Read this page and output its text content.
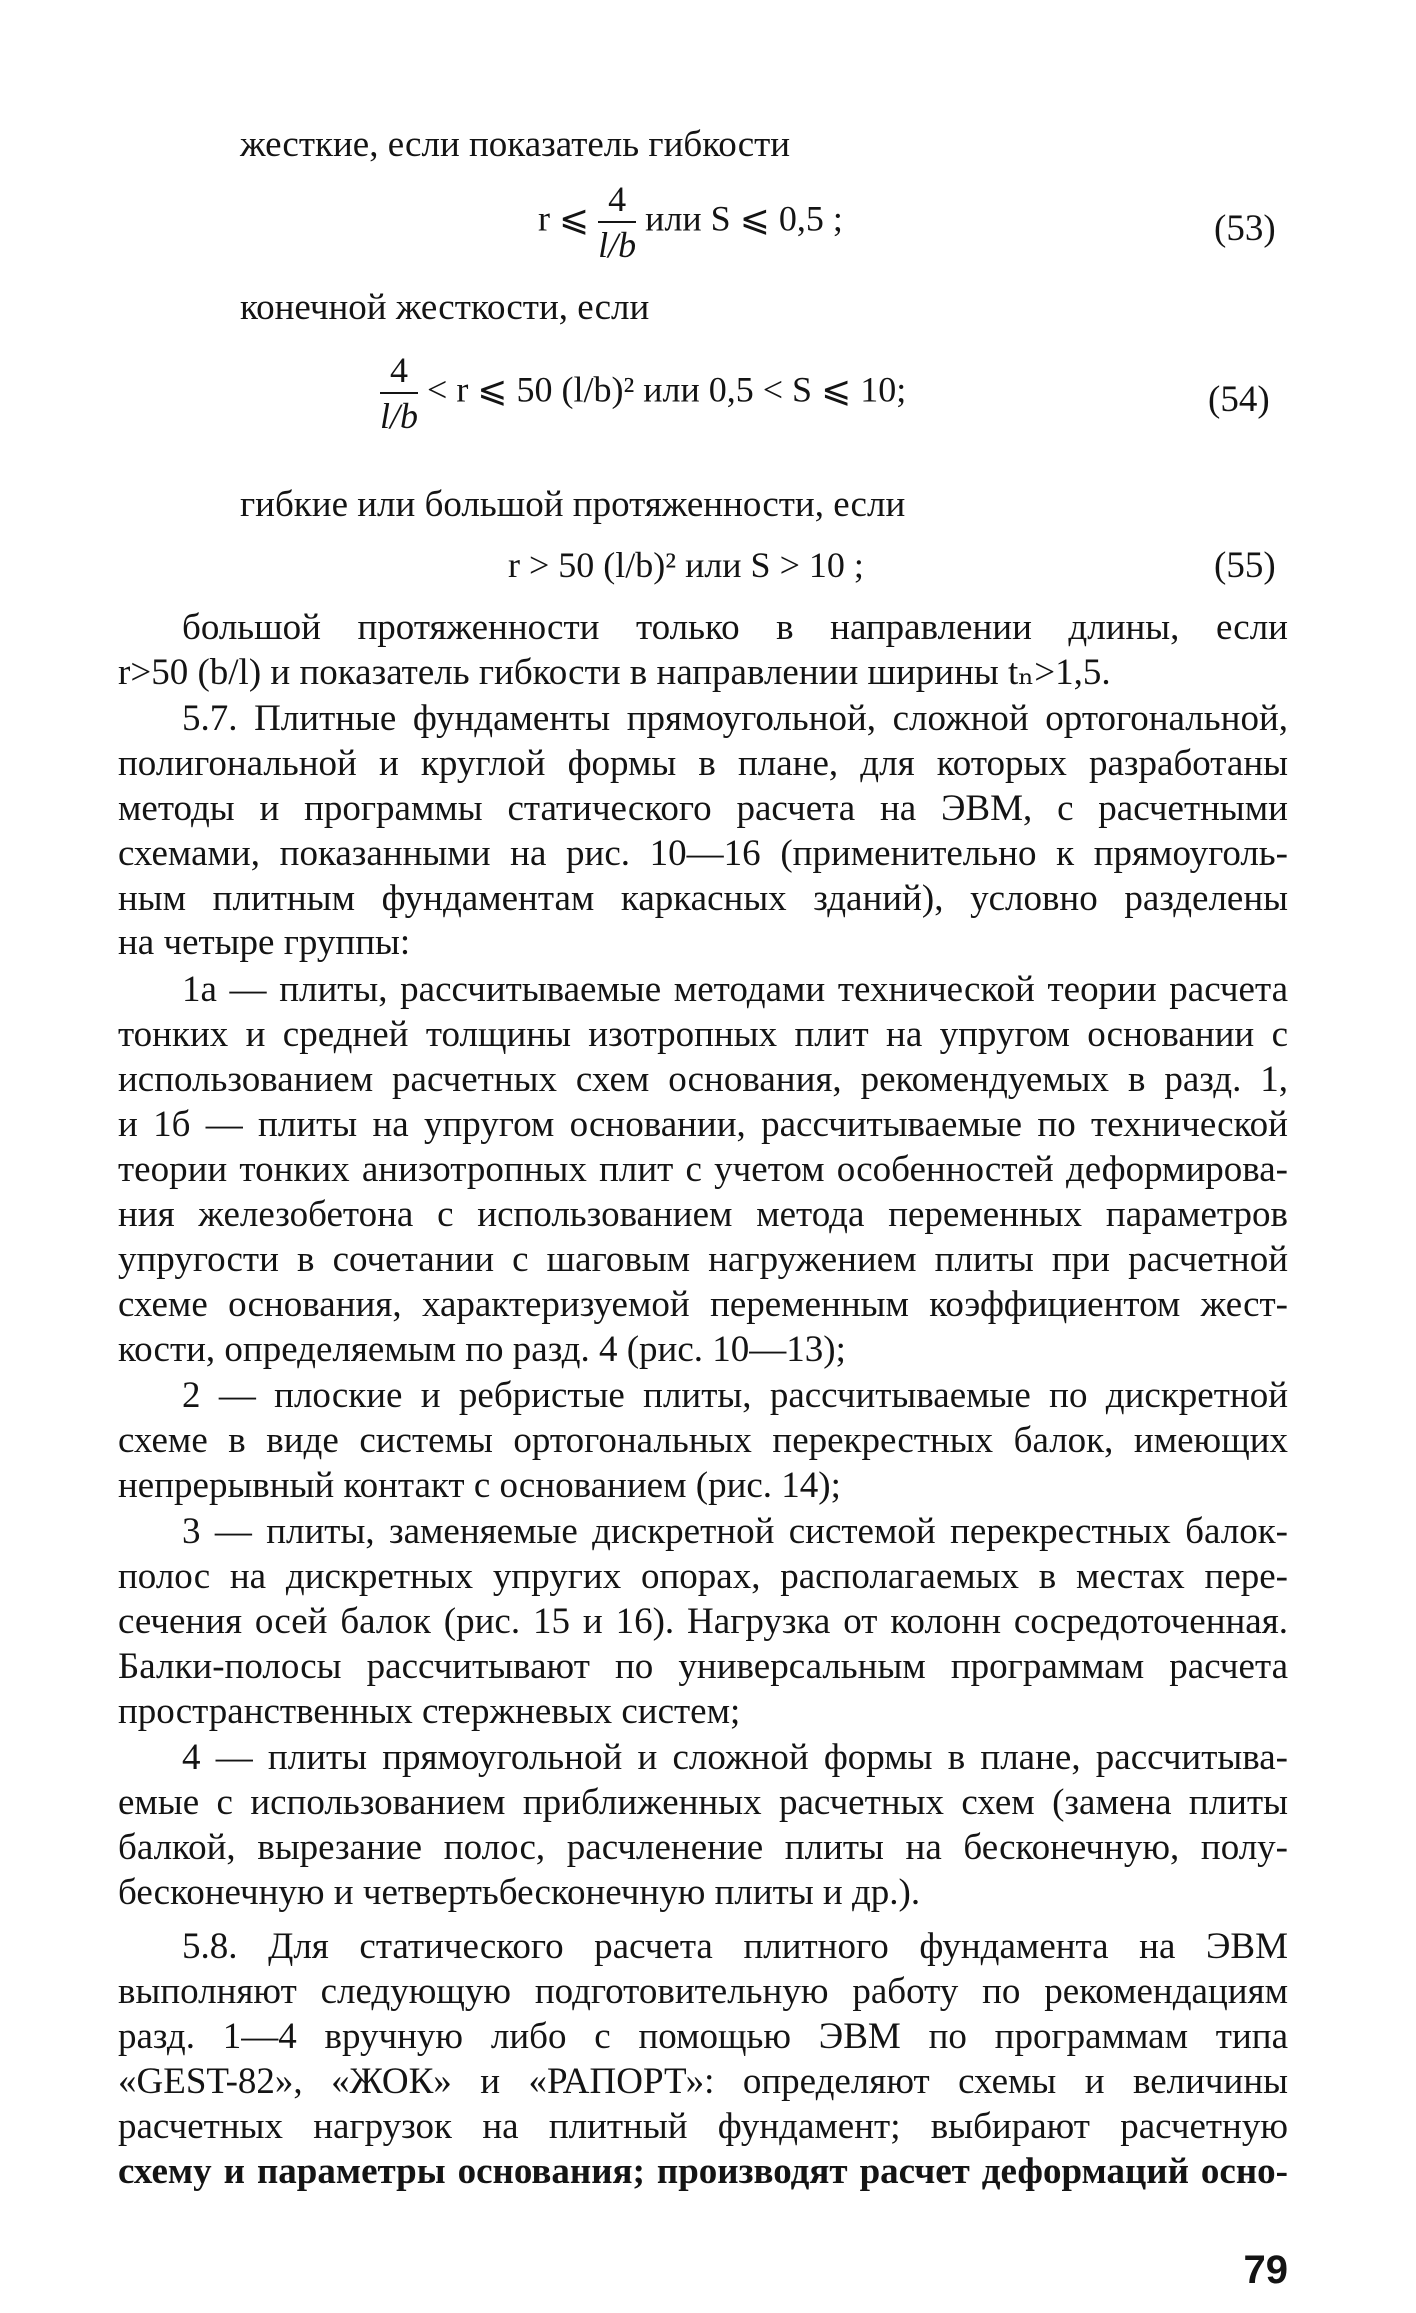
жесткие, если показатель гибкости
r ⩽ $\frac{4}{l/b}$ или S ⩽ 0,5 ;	(53)
конечной жесткости, если
$\frac{4}{l/b} < r$ ⩽ 50 (l/b)² или 0,5 < S ⩽ 10;	(54)
гибкие или большой протяженности, если
r > 50 (l/b)² или S > 10 ;	(55)
большой протяженности только в направлении длины, если
r>50 (b/l) и показатель гибкости в направлении ширины tₙ>1,5.
5.7. Плитные фундаменты прямоугольной, сложной ортогональной,
полигональной и круглой формы в плане, для которых разработаны
методы и программы статического расчета на ЭВМ, с расчетными
схемами, показанными на рис. 10—16 (применительно к прямоуголь-
ным плитным фундаментам каркасных зданий), условно разделены
на четыре группы:
1а — плиты, рассчитываемые методами технической теории расчета
тонких и средней толщины изотропных плит на упругом основании с
использованием расчетных схем основания, рекомендуемых в разд. 1,
и 1б — плиты на упругом основании, рассчитываемые по технической
теории тонких анизотропных плит с учетом особенностей деформирова-
ния железобетона с использованием метода переменных параметров
упругости в сочетании с шаговым нагружением плиты при расчетной
схеме основания, характеризуемой переменным коэффициентом жест-
кости, определяемым по разд. 4 (рис. 10—13);
2 — плоские и ребристые плиты, рассчитываемые по дискретной
схеме в виде системы ортогональных перекрестных балок, имеющих
непрерывный контакт с основанием (рис. 14);
3 — плиты, заменяемые дискретной системой перекрестных балок-
полос на дискретных упругих опорах, располагаемых в местах пере-
сечения осей балок (рис. 15 и 16). Нагрузка от колонн сосредоточенная.
Балки-полосы рассчитывают по универсальным программам расчета
пространственных стержневых систем;
4 — плиты прямоугольной и сложной формы в плане, рассчитыва-
емые с использованием приближенных расчетных схем (замена плиты
балкой, вырезание полос, расчленение плиты на бесконечную, полу-
бесконечную и четвертьбесконечную плиты и др.).
5.8. Для статического расчета плитного фундамента на ЭВМ
выполняют следующую подготовительную работу по рекомендациям
разд. 1—4 вручную либо с помощью ЭВМ по программам типа
«GEST-82», «ЖОК» и «РАПОРТ»: определяют схемы и величины
расчетных нагрузок на плитный фундамент; выбирают расчетную
схему и параметры основания; производят расчет деформаций осно-
79
